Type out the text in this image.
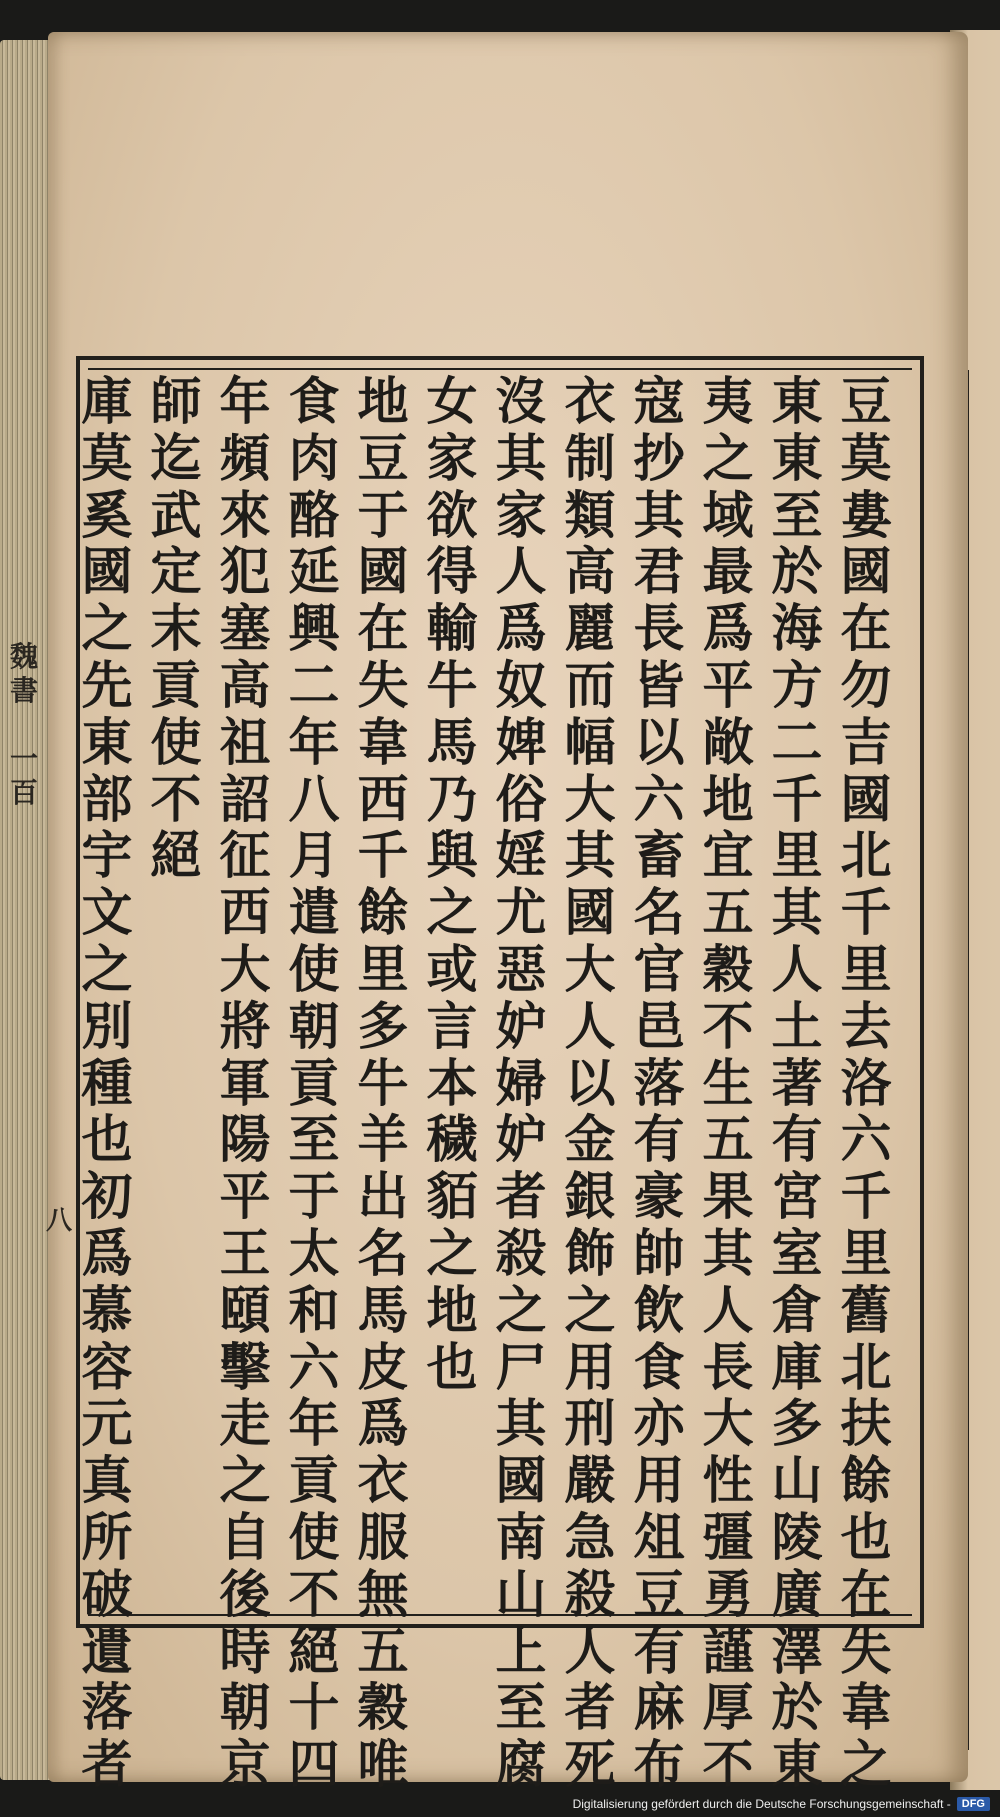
豆
莫
婁
國
在
勿
吉
國
北
千
里
去
洛
六
千
里
舊
北
扶
餘
也
在
失
韋
之
東
東
至
於
海
方
二
千
里
其
人
土
著
有
宮
室
倉
庫
多
山
陵
廣
澤
於
東
夷
之
域
最
爲
平
敞
地
宜
五
穀
不
生
五
果
其
人
長
大
性
彊
勇
謹
厚
不
寇
抄
其
君
長
皆
以
六
畜
名
官
邑
落
有
豪
帥
飲
食
亦
用
俎
豆
有
麻
布
衣
制
類
高
麗
而
幅
大
其
國
大
人
以
金
銀
飾
之
用
刑
嚴
急
殺
人
者
死
沒
其
家
人
爲
奴
婢
俗
婬
尤
惡
妒
婦
妒
者
殺
之
尸
其
國
南
山
上
至
腐
女
家
欲
得
輸
牛
馬
乃
與
之
或
言
本
穢
貊
之
地
也
地
豆
于
國
在
失
韋
西
千
餘
里
多
牛
羊
出
名
馬
皮
爲
衣
服
無
五
穀
唯
食
肉
酪
延
興
二
年
八
月
遣
使
朝
貢
至
于
太
和
六
年
貢
使
不
絕
十
四
年
頻
來
犯
塞
高
祖
詔
征
西
大
將
軍
陽
平
王
頤
擊
走
之
自
後
時
朝
京
師
迄
武
定
末
貢
使
不
絕
庫
莫
奚
國
之
先
東
部
宇
文
之
別
種
也
初
爲
慕
容
元
真
所
破
遺
落
者
魏
書

一
百
八
Digitalisierung gefördert durch die Deutsche Forschungsgemeinschaft -	DFG
